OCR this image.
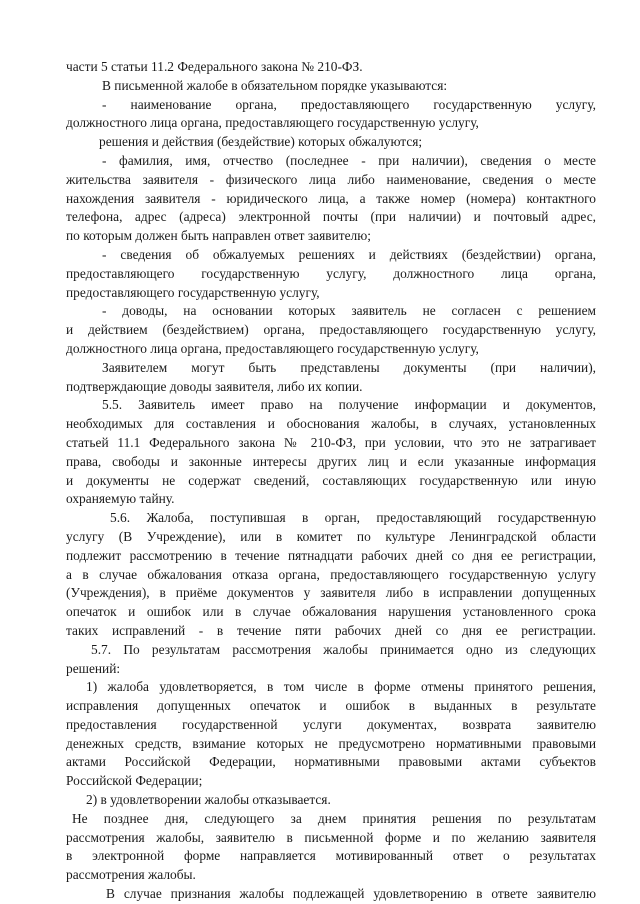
части 5 статьи 11.2 Федерального закона № 210-ФЗ.
В письменной жалобе в обязательном порядке указываются:
- наименование органа, предоставляющего государственную услугу,
должностного лица органа, предоставляющего государственную услугу,
решения и действия (бездействие) которых обжалуются;
- фамилия, имя, отчество (последнее - при наличии), сведения о месте
жительства заявителя - физического лица либо наименование, сведения о месте
нахождения заявителя - юридического лица, а также номер (номера) контактного
телефона, адрес (адреса) электронной почты (при наличии) и почтовый адрес,
по которым должен быть направлен ответ заявителю;
- сведения об обжалуемых решениях и действиях (бездействии) органа,
предоставляющего государственную услугу, должностного лица органа,
предоставляющего государственную услугу,
- доводы, на основании которых заявитель не согласен с решением
и действием (бездействием) органа, предоставляющего государственную услугу,
должностного лица органа, предоставляющего государственную услугу,
Заявителем могут быть представлены документы (при наличии),
подтверждающие доводы заявителя, либо их копии.
5.5. Заявитель имеет право на получение информации и документов,
необходимых для составления и обоснования жалобы, в случаях, установленных
статьей 11.1 Федерального закона № 210-ФЗ, при условии, что это не затрагивает
права, свободы и законные интересы других лиц и если указанные информация
и документы не содержат сведений, составляющих государственную или иную
охраняемую тайну.
5.6. Жалоба, поступившая в орган, предоставляющий государственную
услугу (В Учреждение), или в комитет по культуре Ленинградской области
подлежит рассмотрению в течение пятнадцати рабочих дней со дня ее регистрации,
а в случае обжалования отказа органа, предоставляющего государственную услугу
(Учреждения), в приёме документов у заявителя либо в исправлении допущенных
опечаток и ошибок или в случае обжалования нарушения установленного срока
таких исправлений - в течение пяти рабочих дней со дня ее регистрации.
5.7. По результатам рассмотрения жалобы принимается одно из следующих
решений:
1) жалоба удовлетворяется, в том числе в форме отмены принятого решения,
исправления допущенных опечаток и ошибок в выданных в результате
предоставления государственной услуги документах, возврата заявителю
денежных средств, взимание которых не предусмотрено нормативными правовыми
актами Российской Федерации, нормативными правовыми актами субъектов
Российской Федерации;
2) в удовлетворении жалобы отказывается.
Не позднее дня, следующего за днем принятия решения по результатам
рассмотрения жалобы, заявителю в письменной форме и по желанию заявителя
в электронной форме направляется мотивированный ответ о результатах
рассмотрения жалобы.
В случае признания жалобы подлежащей удовлетворению в ответе заявителю
